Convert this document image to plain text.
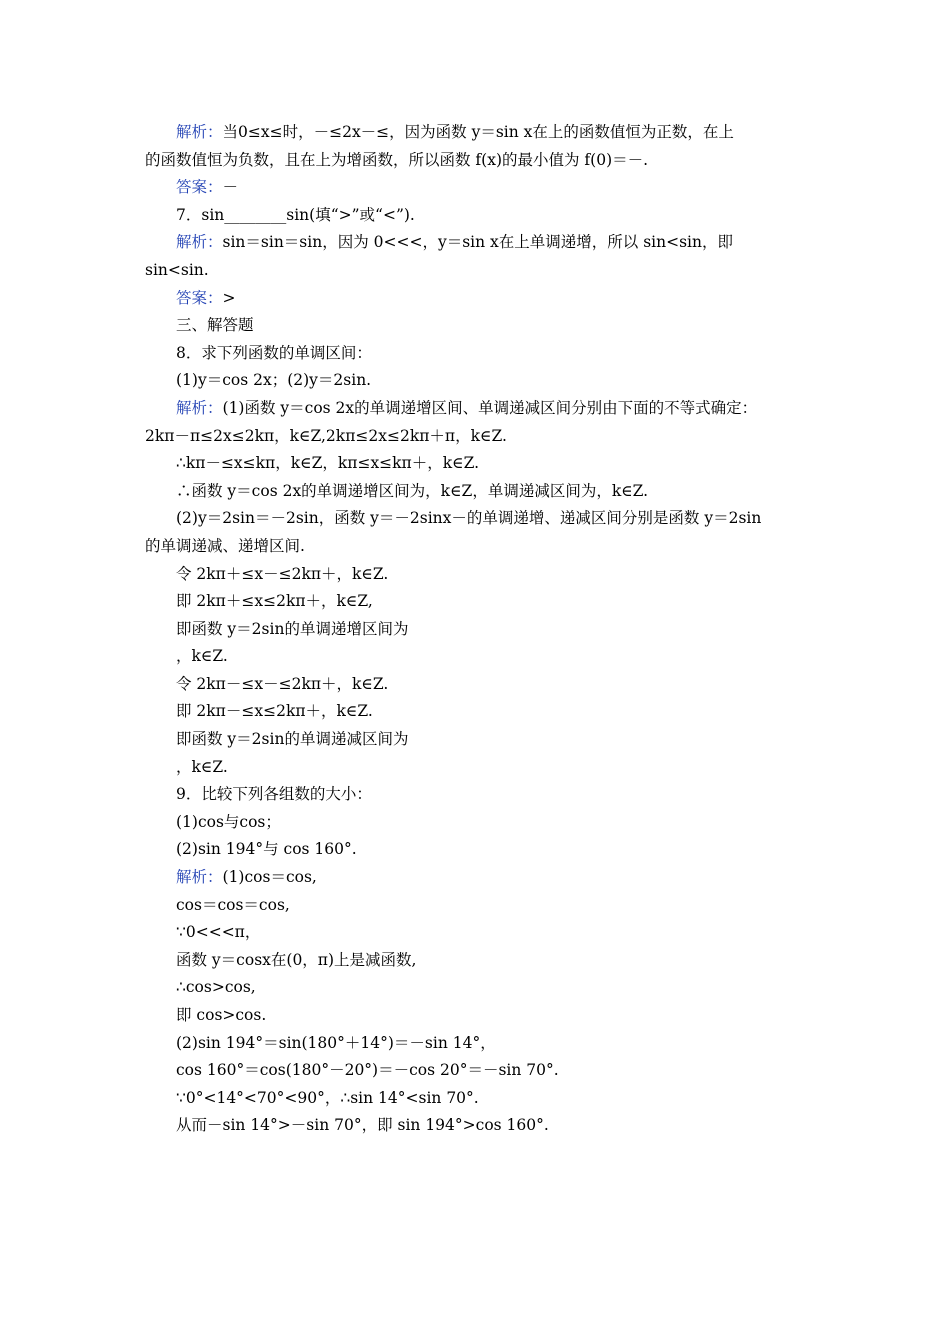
解析：当0≤x≤时，－≤2x－≤，因为函数 y＝sin x在上的函数值恒为正数，在上
的函数值恒为负数，且在上为增函数，所以函数 f(x)的最小值为 f(0)＝－.
答案：－
7．sin________sin(填“>”或“<”).
解析：sin＝sin＝sin，因为 0<<<，y＝sin x在上单调递增，所以 sin<sin，即
sin<sin.
答案：>
三、解答题
8．求下列函数的单调区间：
(1)y＝cos 2x；(2)y＝2sin.
解析：(1)函数 y＝cos 2x的单调递增区间、单调递减区间分别由下面的不等式确定：
2kπ－π≤2x≤2kπ，k∈Z,2kπ≤2x≤2kπ＋π，k∈Z.
∴kπ－≤x≤kπ，k∈Z，kπ≤x≤kπ＋，k∈Z.
∴函数 y＝cos 2x的单调递增区间为，k∈Z，单调递减区间为，k∈Z.
(2)y＝2sin＝－2sin，函数 y＝－2sinx－的单调递增、递减区间分别是函数 y＝2sin
的单调递减、递增区间.
令 2kπ＋≤x－≤2kπ＋，k∈Z.
即 2kπ＋≤x≤2kπ＋，k∈Z,
即函数 y＝2sin的单调递增区间为
，k∈Z.
令 2kπ－≤x－≤2kπ＋，k∈Z.
即 2kπ－≤x≤2kπ＋，k∈Z.
即函数 y＝2sin的单调递减区间为
，k∈Z.
9．比较下列各组数的大小：
(1)cos与cos；
(2)sin 194°与 cos 160°.
解析：(1)cos＝cos,
cos＝cos＝cos,
∵0<<<π，
函数 y＝cosx在(0，π)上是减函数,
∴cos>cos,
即 cos>cos.
(2)sin 194°＝sin(180°＋14°)＝－sin 14°，
cos 160°＝cos(180°－20°)＝－cos 20°＝－sin 70°.
∵0°<14°<70°<90°，∴sin 14°<sin 70°.
从而－sin 14°>－sin 70°，即 sin 194°>cos 160°.
